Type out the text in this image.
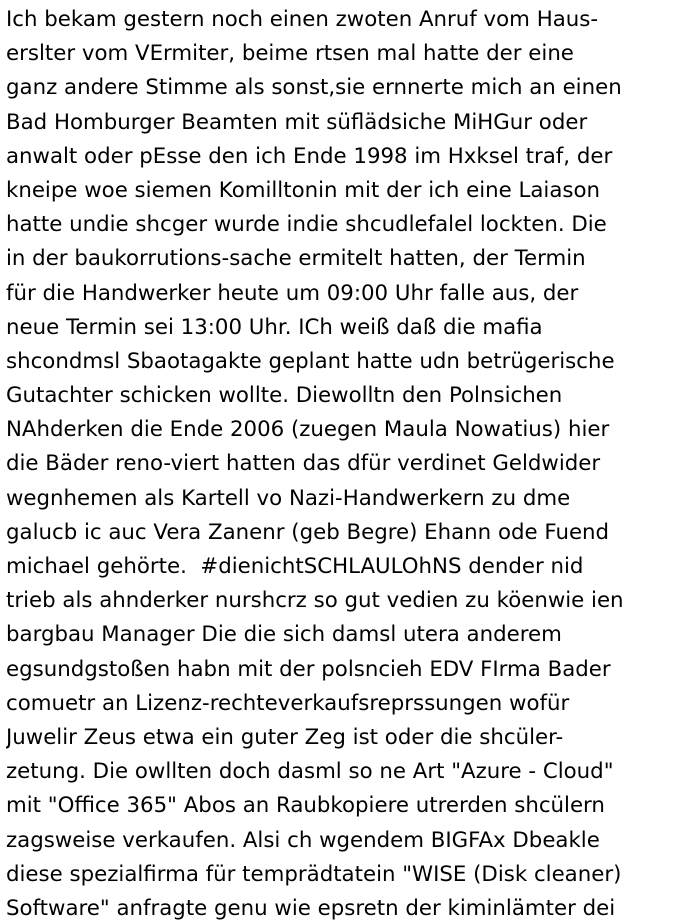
Ich bekam gestern noch einen zwoten Anruf vom Haus-
erslter vom VErmiter, beime rtsen mal hatte der eine
ganz andere Stimme als sonst,sie ernnerte mich an einen
Bad Homburger Beamten mit süflädsiche MiHGur oder
anwalt oder pEsse den ich Ende 1998 im Hxksel traf, der
kneipe woe siemen Komilltonin mit der ich eine Laiason
hatte undie shcger wurde indie shcudlefalel lockten. Die
in der baukorrutions-sache ermitelt hatten, der Termin
für die Handwerker heute um 09:00 Uhr falle aus, der
neue Termin sei 13:00 Uhr. ICh weiß daß die mafia
shcondmsl Sbaotagakte geplant hatte udn betrügerische
Gutachter schicken wollte. Diewolltn den Polnsichen
NAhderken die Ende 2006 (zuegen Maula Nowatius) hier
die Bäder reno-viert hatten das dfür verdinet Geldwider
wegnhemen als Kartell vo Nazi-Handwerkern zu dme
galucb ic auc Vera Zanenr (geb Begre) Ehann ode Fuend
michael gehörte.  #dienichtSCHLAULOhNS dender nid
trieb als ahnderker nurshcrz so gut vedien zu köenwie ien
bargbau Manager Die die sich damsl utera anderem
egsundgstoßen habn mit der polsncieh EDV FIrma Bader
comuetr an Lizenz-rechteverkaufsreprssungen wofür
Juwelir Zeus etwa ein guter Zeg ist oder die shcüler-
zetung. Die owllten doch dasml so ne Art "Azure - Cloud"
mit "Office 365" Abos an Raubkopiere utrerden shcülern
zagsweise verkaufen. Alsi ch wgendem BIGFAx Dbeakle
diese spezialfirma für temprädtatein "WISE (Disk cleaner)
Software" anfragte genu wie epsretn der kiminlämter dei
